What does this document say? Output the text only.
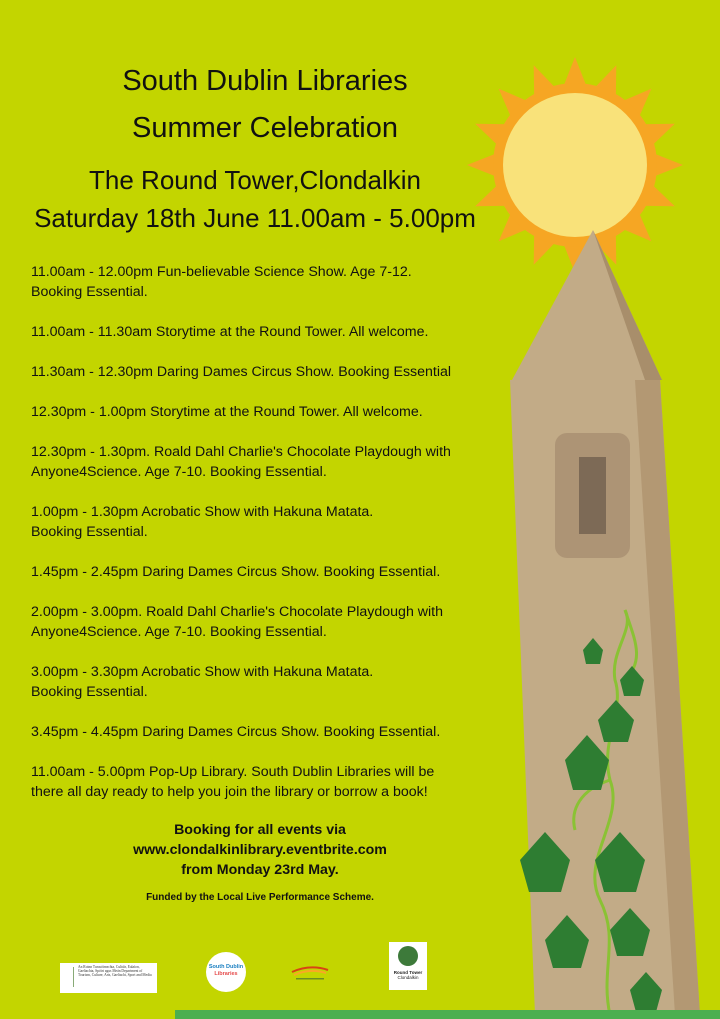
South Dublin Libraries
Summer Celebration
The Round Tower,Clondalkin
Saturday 18th June 11.00am - 5.00pm
11.00am - 12.00pm Fun-believable Science Show. Age 7-12.
Booking Essential.
11.00am - 11.30am Storytime at the Round Tower. All welcome.
11.30am - 12.30pm Daring Dames Circus Show. Booking Essential
12.30pm - 1.00pm Storytime at the Round Tower. All welcome.
12.30pm - 1.30pm. Roald Dahl Charlie's Chocolate Playdough with
Anyone4Science. Age 7-10. Booking Essential.
1.00pm - 1.30pm Acrobatic Show with Hakuna Matata.
Booking Essential.
1.45pm - 2.45pm Daring Dames Circus Show. Booking Essential.
2.00pm - 3.00pm. Roald Dahl Charlie's Chocolate Playdough with
Anyone4Science. Age 7-10. Booking Essential.
3.00pm - 3.30pm Acrobatic Show with Hakuna Matata.
Booking Essential.
3.45pm - 4.45pm Daring Dames Circus Show. Booking Essential.
11.00am - 5.00pm Pop-Up Library. South Dublin Libraries will be
there all day ready to help you join the library or borrow a book!
Booking for all events via
www.clondalkinlibrary.eventbrite.com
from Monday 23rd May.
Funded by the Local Live Performance Scheme.
An Roinn Turasóireachta, Cultúir, Ealaíon, Gaeltachta, Spóirt agus Meán Department of Tourism, Culture, Arts, Gaeltacht, Sport and Media
South Dublin
Libraries	Round Tower
Clondalkin
